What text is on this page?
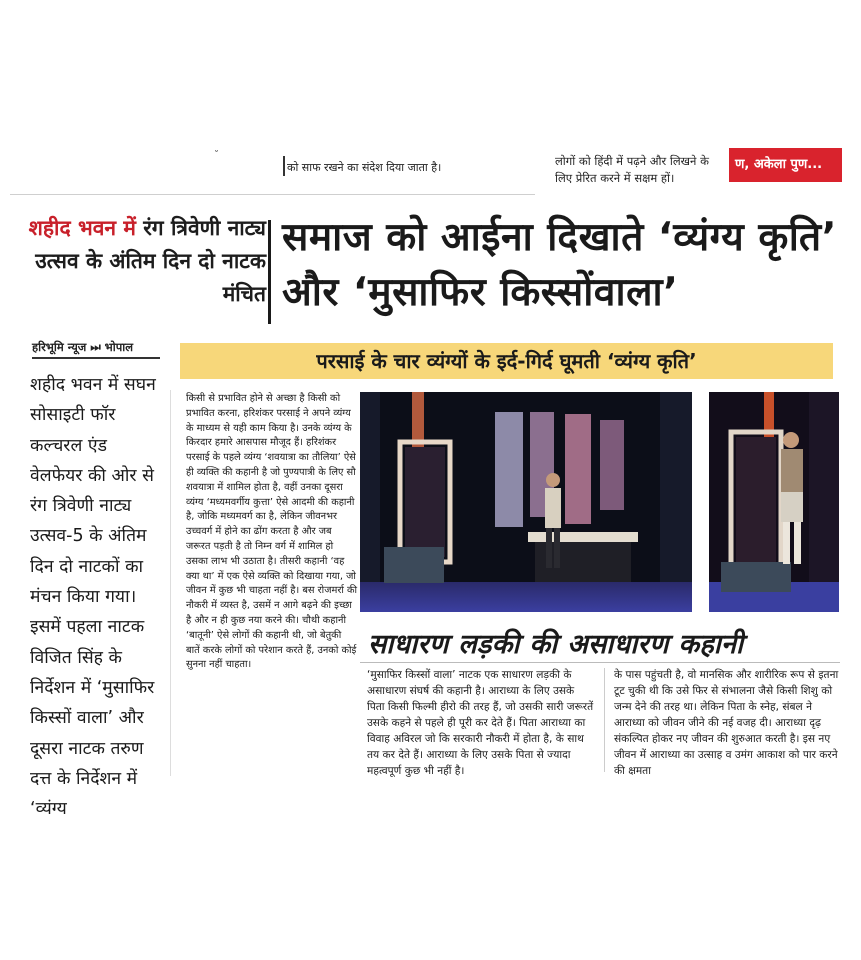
˘
को साफ रखने का संदेश दिया जाता है।	लोगों को हिंदी में पढ़ने और लिखने के लिए प्रेरित करने में सक्षम हों।
ण, अकेला पुण...
शहीद भवन में रंग त्रिवेणी नाट्य उत्सव के अंतिम दिन दो नाटक मंचित
समाज को आईना दिखाते ‘व्यंग्य कृति’ और ‘मुसाफिर किस्सोंवाला’
हरिभूमि न्यूज ⏭ भोपाल
शहीद भवन में सघन सोसाइटी फॉर कल्चरल एंड वेलफेयर की ओर से रंग त्रिवेणी नाट्य उत्सव-5 के अंतिम दिन दो नाटकों का मंचन किया गया। इसमें पहला नाटक विजित सिंह के निर्देशन में ‘मुसाफिर किस्सों वाला’ और दूसरा नाटक तरुण दत्त के निर्देशन में ‘व्यंग्य
परसाई के चार व्यंग्यों के इर्द-गिर्द घूमती ‘व्यंग्य कृति’
किसी से प्रभावित होने से अच्छा है किसी को प्रभावित करना, हरिशंकर परसाई ने अपने व्यंग्य के माध्यम से यही काम किया है। उनके व्यंग्य के किरदार हमारे आसपास मौजूद हैं। हरिशंकर परसाई के पहले व्यंग्य ‘शवयात्रा का तौलिया’ ऐसे ही व्यक्ति की कहानी है जो पुण्यपात्री के लिए सौ शवयात्रा में शामिल होता है, वहीं उनका दूसरा व्यंग्य ‘मध्यमवर्गीय कुत्ता’ ऐसे आदमी की कहानी है, जोकि मध्यमवर्ग का है, लेकिन जीवनभर उच्चवर्ग में होने का ढोंग करता है और जब जरूरत पड़ती है तो निम्न वर्ग में शामिल हो उसका लाभ भी उठाता है। तीसरी कहानी ‘वह क्या था’ में एक ऐसे व्यक्ति को दिखाया गया, जो जीवन में कुछ भी चाहता नहीं है। बस रोजमर्रा की नौकरी में व्यस्त है, उसमें न आगे बढ़ने की इच्छा है और न ही कुछ नया करने की। चौथी कहानी ‘बातूनी’ ऐसे लोगों की कहानी थी, जो बेतुकी बातें करके लोगों को परेशान करते हैं, उनको कोई सुनना नहीं चाहता।
साधारण लड़की की असाधारण कहानी
‘मुसाफिर किस्सों वाला’ नाटक एक साधारण लड़की के असाधारण संघर्ष की कहानी है। आराध्या के लिए उसके पिता किसी फिल्मी हीरो की तरह हैं, जो उसकी सारी जरूरतें उसके कहने से पहले ही पूरी कर देते हैं। पिता आराध्या का विवाह अविरल जो कि सरकारी नौकरी में होता है, के साथ तय कर देते हैं। आराध्या के लिए उसके पिता से ज्यादा महत्वपूर्ण कुछ भी नहीं है।
के पास पहुंचती है, वो मानसिक और शारीरिक रूप से इतना टूट चुकी थी कि उसे फिर से संभालना जैसे किसी शिशु को जन्म देने की तरह था। लेकिन पिता के स्नेह, संबल ने आराध्या को जीवन जीने की नई वजह दी। आराध्या दृढ़ संकल्पित होकर नए जीवन की शुरुआत करती है। इस नए जीवन में आराध्या का उत्साह व उमंग आकाश को पार करने की क्षमता
